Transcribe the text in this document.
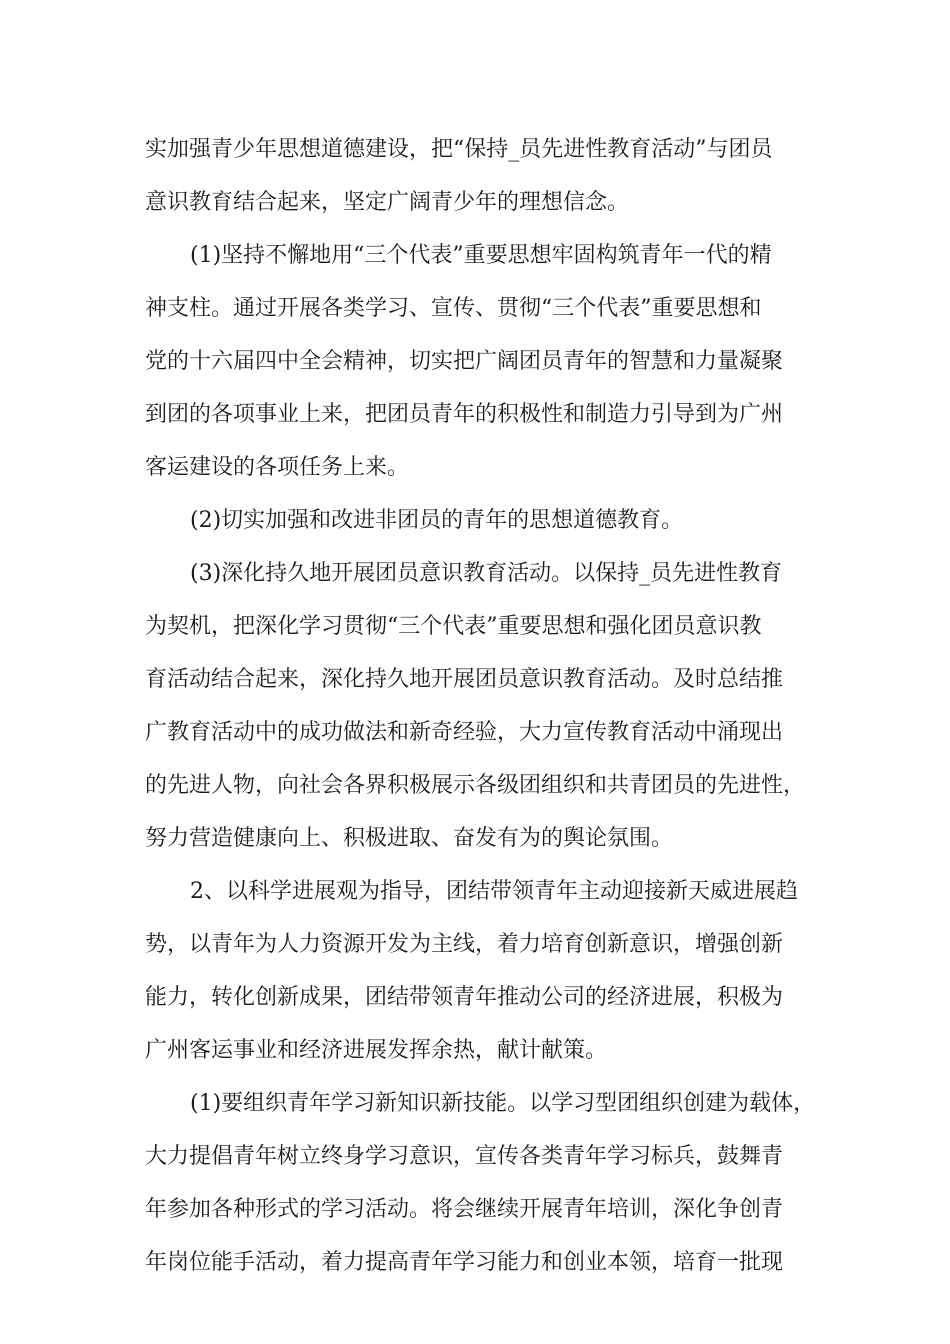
实加强青少年思想道德建设，把“保持_员先进性教育活动”与团员
意识教育结合起来，坚定广阔青少年的理想信念。
(1)坚持不懈地用“三个代表”重要思想牢固构筑青年一代的精
神支柱。通过开展各类学习、宣传、贯彻“三个代表”重要思想和
党的十六届四中全会精神，切实把广阔团员青年的智慧和力量凝聚
到团的各项事业上来，把团员青年的积极性和制造力引导到为广州
客运建设的各项任务上来。
(2)切实加强和改进非团员的青年的思想道德教育。
(3)深化持久地开展团员意识教育活动。以保持_员先进性教育
为契机，把深化学习贯彻“三个代表”重要思想和强化团员意识教
育活动结合起来，深化持久地开展团员意识教育活动。及时总结推
广教育活动中的成功做法和新奇经验，大力宣传教育活动中涌现出
的先进人物，向社会各界积极展示各级团组织和共青团员的先进性，
努力营造健康向上、积极进取、奋发有为的舆论氛围。
2、以科学进展观为指导，团结带领青年主动迎接新天威进展趋
势，以青年为人力资源开发为主线，着力培育创新意识，增强创新
能力，转化创新成果，团结带领青年推动公司的经济进展，积极为
广州客运事业和经济进展发挥余热，献计献策。
(1)要组织青年学习新知识新技能。以学习型团组织创建为载体，
大力提倡青年树立终身学习意识，宣传各类青年学习标兵，鼓舞青
年参加各种形式的学习活动。将会继续开展青年培训，深化争创青
年岗位能手活动，着力提高青年学习能力和创业本领，培育一批现
